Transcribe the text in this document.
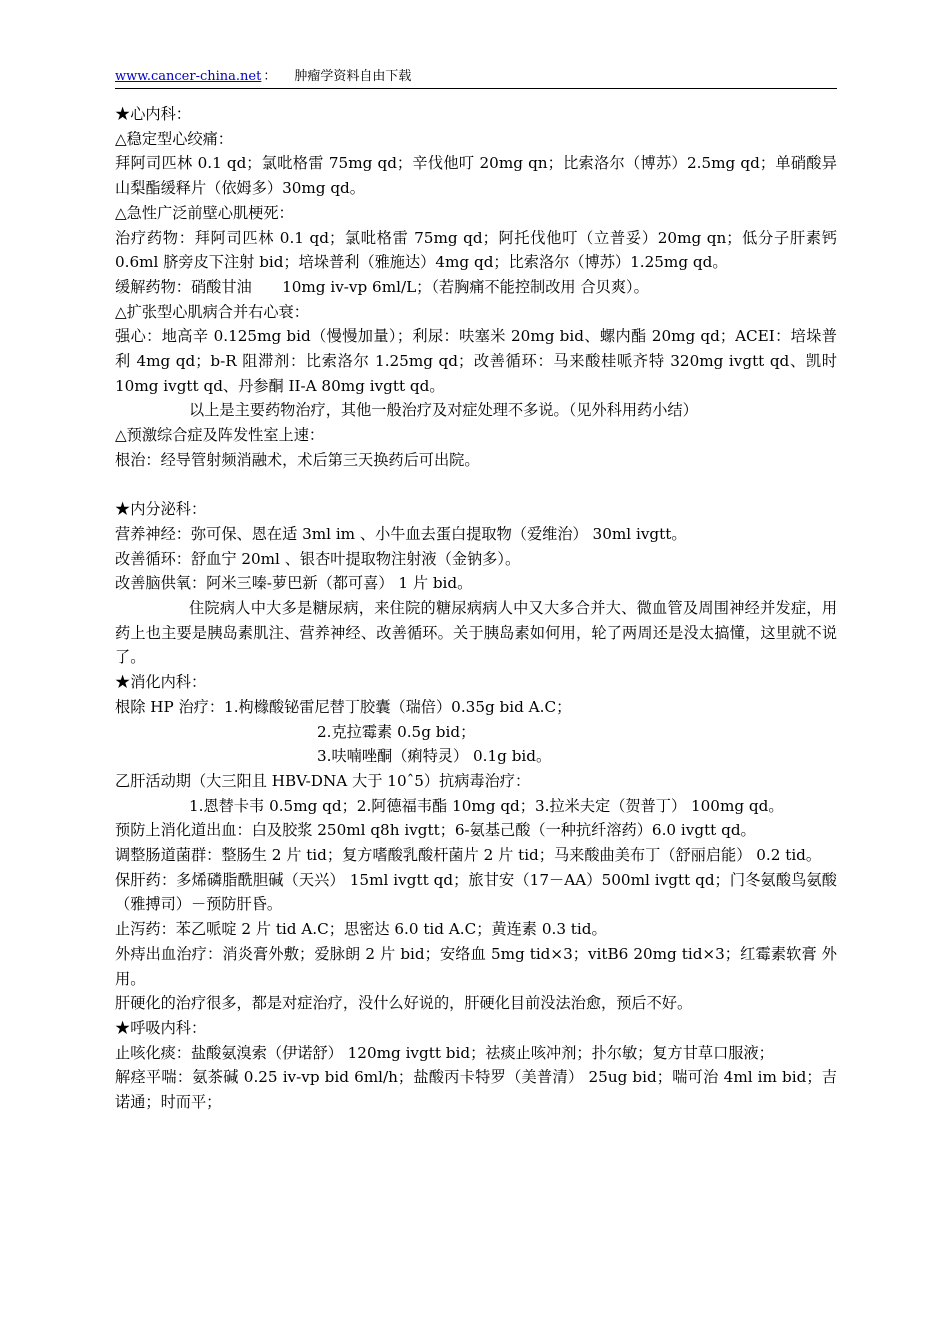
www.cancer-china.net ： 肿瘤学资料自由下载

★心内科：

△稳定型心绞痛：

拜阿司匹林 0.1 qd；氯吡格雷 75mg qd；辛伐他叮 20mg qn；比索洛尔（博苏）2.5mg qd；单硝酸异山梨酯缓释片（依姆多）30mg qd。

△急性广泛前壁心肌梗死：

治疗药物：拜阿司匹林 0.1 qd；氯吡格雷 75mg qd；阿托伐他叮（立普妥）20mg qn；低分子肝素钙 0.6ml 脐旁皮下注射 bid；培垛普利（雅施达）4mg qd；比索洛尔（博苏）1.25mg qd。

缓解药物：硝酸甘油　　10mg iv-vp 6ml/L；（若胸痛不能控制改用 合贝爽）。

△扩张型心肌病合并右心衰：

强心：地高辛 0.125mg bid（慢慢加量）；利尿：呋塞米 20mg bid、螺内酯 20mg qd；ACEI：培垛普利 4mg qd；b-R 阻滞剂：比索洛尔 1.25mg qd；改善循环：马来酸桂哌齐特 320mg ivgtt qd、凯时 10mg ivgtt qd、丹参酮 II-A 80mg ivgtt qd。

以上是主要药物治疗，其他一般治疗及对症处理不多说。（见外科用药小结）

△预激综合症及阵发性室上速：

根治：经导管射频消融术，术后第三天换药后可出院。

★内分泌科：

营养神经：弥可保、恩在适 3ml im 、小牛血去蛋白提取物（爱维治） 30ml ivgtt。

改善循环：舒血宁 20ml 、银杏叶提取物注射液（金钠多）。

改善脑供氧：阿米三嗪-萝巴新（都可喜） 1 片 bid。

住院病人中大多是糖尿病，来住院的糖尿病病人中又大多合并大、微血管及周围神经并发症，用药上也主要是胰岛素肌注、营养神经、改善循环。关于胰岛素如何用，轮了两周还是没太搞懂，这里就不说了。

★消化内科：

根除 HP 治疗：1.枸橼酸铋雷尼替丁胶囊（瑞倍）0.35g bid A.C；

2.克拉霉素 0.5g bid；

3.呋喃唑酮（痢特灵） 0.1g bid。

乙肝活动期（大三阳且 HBV-DNA 大于 10ˆ5）抗病毒治疗：

1.恩替卡韦 0.5mg qd；2.阿德福韦酯 10mg qd；3.拉米夫定（贺普丁） 100mg qd。

预防上消化道出血：白及胶浆 250ml q8h ivgtt；6-氨基己酸（一种抗纤溶药）6.0 ivgtt qd。

调整肠道菌群：整肠生 2 片 tid；复方嗜酸乳酸杆菌片 2 片 tid；马来酸曲美布丁（舒丽启能） 0.2 tid。

保肝药：多烯磷脂酰胆碱（天兴） 15ml ivgtt qd；旅甘安（17－AA）500ml ivgtt qd；门冬氨酸鸟氨酸（雅搏司）－预防肝昏。

止泻药：苯乙哌啶 2 片 tid A.C；思密达 6.0 tid A.C；黄连素 0.3 tid。

外痔出血治疗：消炎膏外敷；爱脉朗 2 片 bid；安络血 5mg tid×3；vitB6 20mg tid×3；红霉素软膏 外用。

肝硬化的治疗很多，都是对症治疗，没什么好说的，肝硬化目前没法治愈，预后不好。

★呼吸内科：

止咳化痰：盐酸氨溴索（伊诺舒） 120mg ivgtt bid；祛痰止咳冲剂；扑尔敏；复方甘草口服液；

解痉平喘：氨茶碱 0.25 iv-vp bid 6ml/h；盐酸丙卡特罗（美普清） 25ug bid；喘可治 4ml im bid；吉诺通；时而平；
